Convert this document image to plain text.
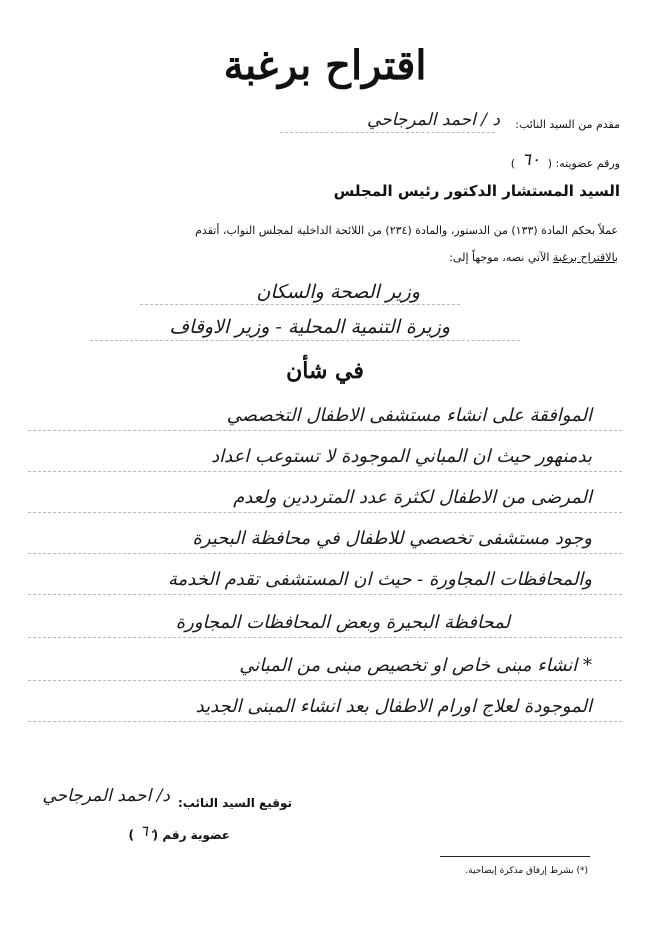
اقتراح برغبة
مقدم من السيد النائب:
د / احمد المرجاحي
ورقم عضويته: (
٦٠
)
السيد المستشار الدكتور رئيس المجلس
عملاً بحكم المادة (١٣٣) من الدستور، والمادة (٢٣٤) من اللائحة الداخلية لمجلس النواب، أتقدم
بالاقتراح برغبة الآتي نصه، موجهاً إلى:
وزير الصحة والسكان
وزيرة التنمية المحلية - وزير الاوقاف
في شأن
الموافقة على انشاء مستشفى الاطفال التخصصي
بدمنهور حيث ان المباني الموجودة لا تستوعب اعداد
المرضى من الاطفال لكثرة عدد المترددين ولعدم
وجود مستشفى تخصصي للاطفال في محافظة البحيرة
والمحافظات المجاورة - حيث ان المستشفى تقدم الخدمة
لمحافظة البحيرة وبعض المحافظات المجاورة
* انشاء مبنى خاص او تخصيص مبنى من المباني
الموجودة لعلاج اورام الاطفال بعد انشاء المبنى الجديد
توقيع السيد النائب:
د/ احمد المرجاحي
عضوية رقم (
٦٠
)
(*) بشرط إرفاق مذكرة إيضاحية.
